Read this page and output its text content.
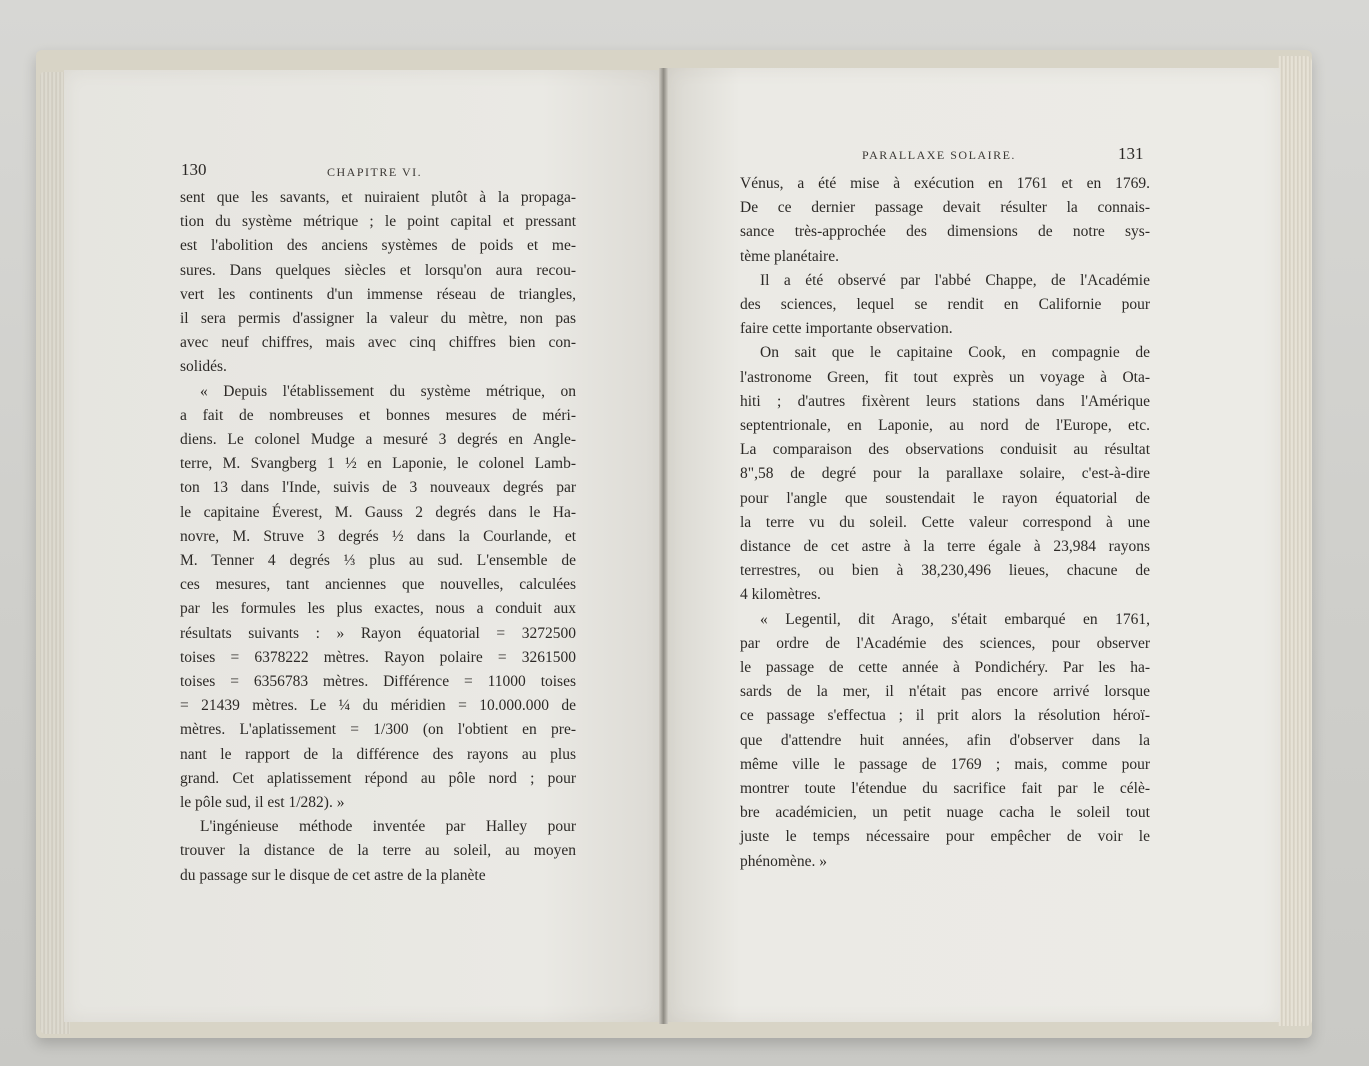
130	CHAPITRE VI.
PARALLAXE SOLAIRE.	131
sent que les savants, et nuiraient plutôt à la propaga-
tion du système métrique ; le point capital et pressant
est l'abolition des anciens systèmes de poids et me-
sures. Dans quelques siècles et lorsqu'on aura recou-
vert les continents d'un immense réseau de triangles,
il sera permis d'assigner la valeur du mètre, non pas
avec neuf chiffres, mais avec cinq chiffres bien con-
solidés.
« Depuis l'établissement du système métrique, on
a fait de nombreuses et bonnes mesures de méri-
diens. Le colonel Mudge a mesuré 3 degrés en Angle-
terre, M. Svangberg 1 ½ en Laponie, le colonel Lamb-
ton 13 dans l'Inde, suivis de 3 nouveaux degrés par
le capitaine Éverest, M. Gauss 2 degrés dans le Ha-
novre, M. Struve 3 degrés ½ dans la Courlande, et
M. Tenner 4 degrés ⅓ plus au sud. L'ensemble de
ces mesures, tant anciennes que nouvelles, calculées
par les formules les plus exactes, nous a conduit aux
résultats suivants : » Rayon équatorial = 3272500
toises = 6378222 mètres. Rayon polaire = 3261500
toises = 6356783 mètres. Différence = 11000 toises
= 21439 mètres. Le ¼ du méridien = 10.000.000 de
mètres. L'aplatissement = 1/300 (on l'obtient en pre-
nant le rapport de la différence des rayons au plus
grand. Cet aplatissement répond au pôle nord ; pour
le pôle sud, il est 1/282). »
L'ingénieuse méthode inventée par Halley pour
trouver la distance de la terre au soleil, au moyen
du passage sur le disque de cet astre de la planète
Vénus, a été mise à exécution en 1761 et en 1769.
De ce dernier passage devait résulter la connais-
sance très-approchée des dimensions de notre sys-
tème planétaire.
Il a été observé par l'abbé Chappe, de l'Académie
des sciences, lequel se rendit en Californie pour
faire cette importante observation.
On sait que le capitaine Cook, en compagnie de
l'astronome Green, fit tout exprès un voyage à Ota-
hiti ; d'autres fixèrent leurs stations dans l'Amérique
septentrionale, en Laponie, au nord de l'Europe, etc.
La comparaison des observations conduisit au résultat
8",58 de degré pour la parallaxe solaire, c'est-à-dire
pour l'angle que soustendait le rayon équatorial de
la terre vu du soleil. Cette valeur correspond à une
distance de cet astre à la terre égale à 23,984 rayons
terrestres, ou bien à 38,230,496 lieues, chacune de
4 kilomètres.
« Legentil, dit Arago, s'était embarqué en 1761,
par ordre de l'Académie des sciences, pour observer
le passage de cette année à Pondichéry. Par les ha-
sards de la mer, il n'était pas encore arrivé lorsque
ce passage s'effectua ; il prit alors la résolution héroï-
que d'attendre huit années, afin d'observer dans la
même ville le passage de 1769 ; mais, comme pour
montrer toute l'étendue du sacrifice fait par le célè-
bre académicien, un petit nuage cacha le soleil tout
juste le temps nécessaire pour empêcher de voir le
phénomène. »
